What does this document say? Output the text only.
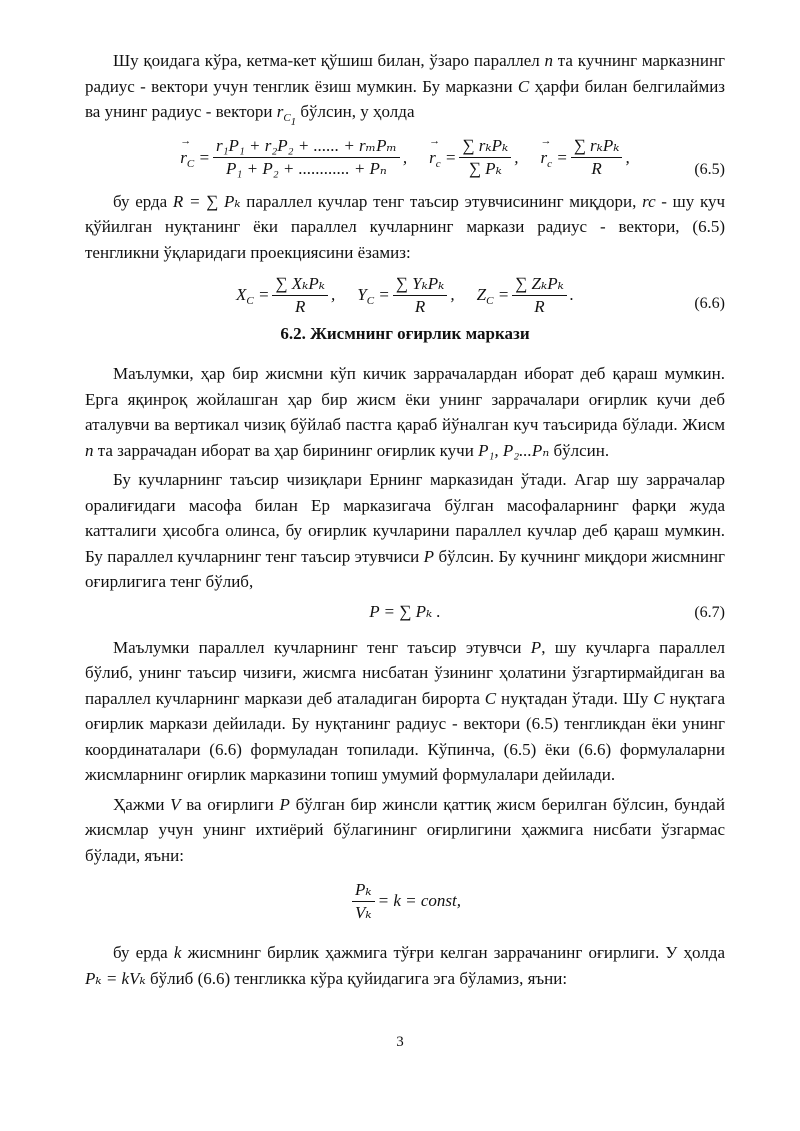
Шу қоидага кўра, кетма-кет қўшиш билан, ўзаро параллел n та кучнинг марказнинг радиус - вектори учун тенглик ёзиш мумкин. Бу марказни C ҳарфи билан белгилаймиз ва унинг радиус - вектори $r_{C_1}$ бўлсин, у ҳолда

→ $r_C = \frac{\text{r₁P₁ + r₂P₂ + ...... + rₘPₘ}}{\text{P₁ + P₂ + ............ + Pₙ}}$ , → $r_c = \frac{\text{∑ rₖPₖ}}{\text{∑ Pₖ}}$ , → $r_c = \frac{\text{∑ rₖPₖ}}{R}$ ,
(6.5)

бу ерда R = ∑ Pₖ параллел кучлар тенг таъсир этувчисининг миқдори, rc - шу куч қўйилган нуқтанинг ёки параллел кучларнинг маркази радиус - вектори, (6.5) тенгликни ўқларидаги проекциясини ёзамиз:

$X_C = \frac{\text{∑ XₖPₖ}}{R}$ , $Y_C = \frac{\text{∑ YₖPₖ}}{R}$ , $Z_C = \frac{\text{∑ ZₖPₖ}}{R}$ .	(6.6)
6.2. Жисмнинг оғирлик маркази

Маълумки, ҳар бир жисмни кўп кичик заррачалардан иборат деб қараш мумкин. Ерга яқинроқ жойлашган ҳар бир жисм ёки унинг заррачалари оғирлик кучи деб аталувчи ва вертикал чизиқ бўйлаб пастга қараб йўналган куч таъсирида бўлади. Жисм n та заррачадан иборат ва ҳар бирининг оғирлик кучи P₁, P₂...Pₙ бўлсин.

Бу кучларнинг таъсир чизиқлари Ернинг марказидан ўтади. Агар шу заррачалар оралиғидаги масофа билан Ер марказигача бўлган масофаларнинг фарқи жуда катталиги ҳисобга олинса, бу оғирлик кучларини параллел кучлар деб қараш мумкин. Бу параллел кучларнинг тенг таъсир этувчиси P бўлсин. Бу кучнинг миқдори жисмнинг оғирлигига тенг бўлиб,

P = ∑ Pₖ .	(6.7)

Маълумки параллел кучларнинг тенг таъсир этувчси P, шу кучларга параллел бўлиб, унинг таъсир чизиғи, жисмга нисбатан ўзининг ҳолатини ўзгартирмайдиган ва параллел кучларнинг маркази деб аталадиган бирорта C нуқтадан ўтади. Шу C нуқтага оғирлик маркази дейилади. Бу нуқтанинг радиус - вектори (6.5) тенгликдан ёки унинг координаталари (6.6) формуладан топилади. Кўпинча, (6.5) ёки (6.6) формулаларни жисмларнинг оғирлик марказини топиш умумий формулалари дейилади.

Ҳажми V ва оғирлиги P бўлган бир жинсли қаттиқ жисм берилган бўлсин, бундай жисмлар учун унинг ихтиёрий бўлагининг оғирлигини ҳажмига нисбати ўзгармас бўлади, яъни:

$\frac{\text{Pₖ}}{\text{Vₖ}} = k$ = const,

бу ерда k жисмнинг бирлик ҳажмига тўғри келган заррачанинг оғирлиги. У ҳолда Pₖ = kVₖ бўлиб (6.6) тенгликка кўра қуйидагига эга бўламиз, яъни:

3
